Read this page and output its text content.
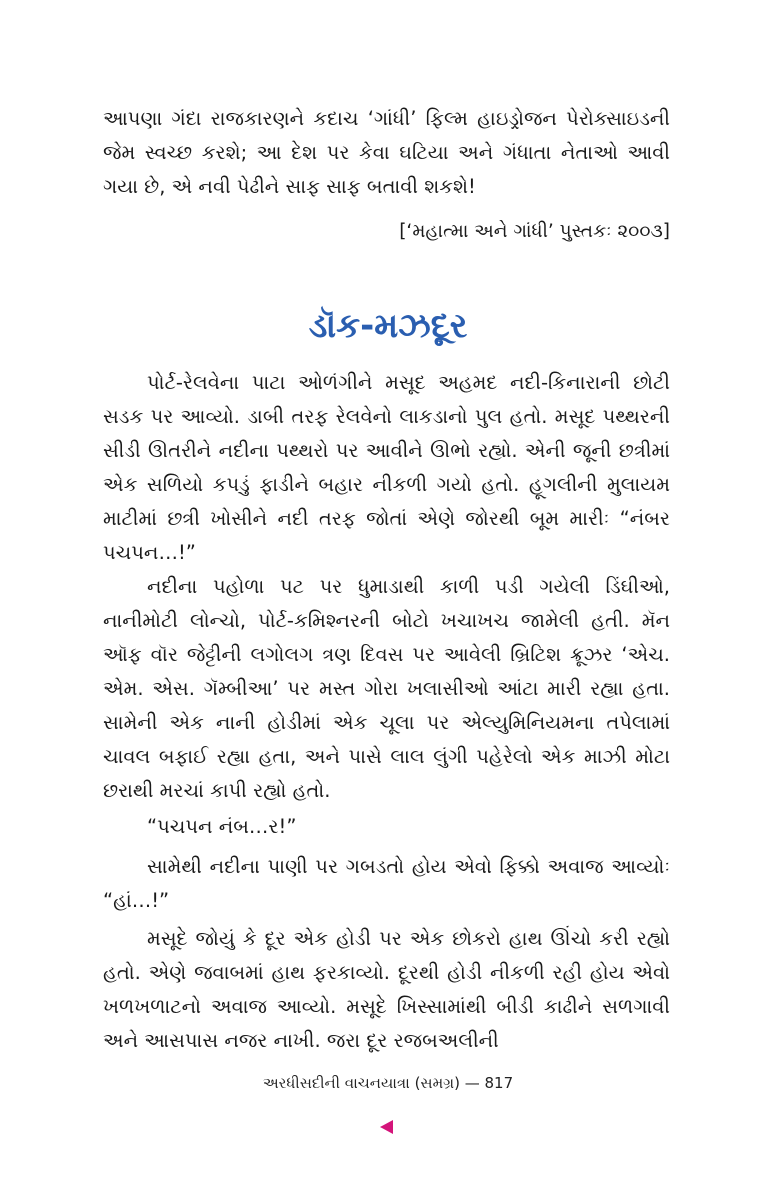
આપણા ગંદા રાજકારણને કદાચ ‘ગાંધી’ ફિલ્મ હાઇડ્રોજન પેરોક્સાઇડની જેમ સ્વચ્છ કરશે; આ દેશ પર કેવા ઘટિયા અને ગંધાતા નેતાઓ આવી ગયા છે, એ નવી પેઢીને સાફ સાફ બતાવી શકશે!

[‘મહાત્મા અને ગાંધી’ પુસ્તકઃ ૨૦૦૩]

ડૉક-મઝદૂર

પોર્ટ-રેલવેના પાટા ઓળંગીને મસૂદ અહમદ નદી-કિનારાની છોટી સડક પર આવ્યો. ડાબી તરફ રેલવેનો લાકડાનો પુલ હતો. મસૂદ પથ્થરની સીડી ઊતરીને નદીના પથ્થરો પર આવીને ઊભો રહ્યો. એની જૂની છત્રીમાં એક સળિયો કપડું ફાડીને બહાર નીકળી ગયો હતો. હૂગલીની મુલાયમ માટીમાં છત્રી ખોસીને નદી તરફ જોતાં એણે જોરથી બૂમ મારીઃ “નંબર પચપન…!”

નદીના પહોળા પટ પર ધુમાડાથી કાળી પડી ગયેલી ડિંઘીઓ, નાનીમોટી લોન્ચો, પોર્ટ-કમિશ્નરની બોટો ખચાખચ જામેલી હતી. મૅન ઑફ વૉર જેટ્ટીની લગોલગ ત્રણ દિવસ પર આવેલી બ્રિટિશ ક્રૂઝર ‘એચ. એમ. એસ. ગૅમ્બીઆ’ પર મસ્ત ગોરા ખલાસીઓ આંટા મારી રહ્યા હતા. સામેની એક નાની હોડીમાં એક ચૂલા પર એલ્યુમિનિયમના તપેલામાં ચાવલ બફાઈ રહ્યા હતા, અને પાસે લાલ લુંગી પહેરેલો એક માઝી મોટા છરાથી મરચાં કાપી રહ્યો હતો.

“પચપન નંબ…ર!”

સામેથી નદીના પાણી પર ગબડતો હોય એવો ફિક્કો અવાજ આવ્યોઃ “હાં…!”

મસૂદે જોયું કે દૂર એક હોડી પર એક છોકરો હાથ ઊંચો કરી રહ્યો હતો. એણે જવાબમાં હાથ ફરકાવ્યો. દૂરથી હોડી નીકળી રહી હોય એવો ખળખળાટનો અવાજ આવ્યો. મસૂદે ખિસ્સામાંથી બીડી કાઢીને સળગાવી અને આસપાસ નજર નાખી. જરા દૂર રજબઅલીની

અરધીસદીની વાચનયાત્રા (સમગ્ર) — 817
